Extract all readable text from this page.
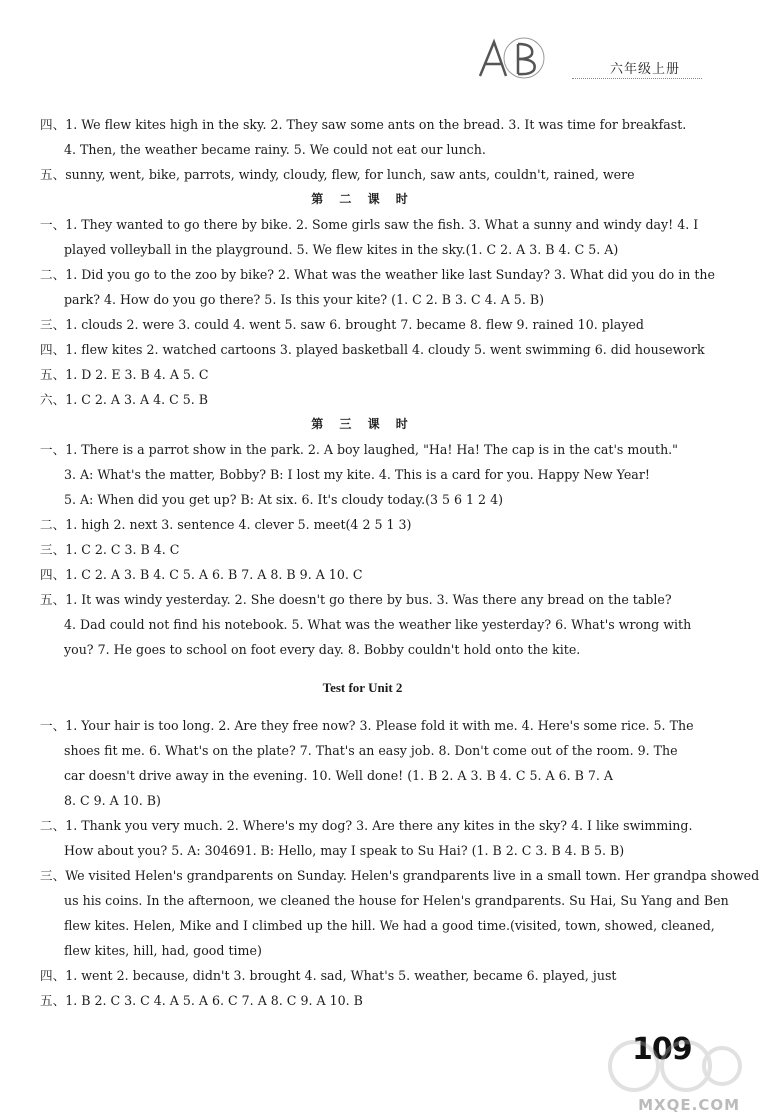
六年级上册
四、1. We flew kites high in the sky. 2. They saw some ants on the bread. 3. It was time for breakfast.
4. Then, the weather became rainy. 5. We could not eat our lunch.
五、sunny, went, bike, parrots, windy, cloudy, flew, for lunch, saw ants, couldn't, rained, were
第 二 课 时
一、1. They wanted to go there by bike. 2. Some girls saw the fish. 3. What a sunny and windy day! 4. I
played volleyball in the playground. 5. We flew kites in the sky.(1. C 2. A 3. B 4. C 5. A)
二、1. Did you go to the zoo by bike? 2. What was the weather like last Sunday? 3. What did you do in the
park? 4. How do you go there? 5. Is this your kite? (1. C 2. B 3. C 4. A 5. B)
三、1. clouds 2. were 3. could 4. went 5. saw 6. brought 7. became 8. flew 9. rained 10. played
四、1. flew kites 2. watched cartoons 3. played basketball 4. cloudy 5. went swimming 6. did housework
五、1. D 2. E 3. B 4. A 5. C
六、1. C 2. A 3. A 4. C 5. B
第 三 课 时
一、1. There is a parrot show in the park. 2. A boy laughed, "Ha! Ha! The cap is in the cat's mouth."
3. A: What's the matter, Bobby? B: I lost my kite. 4. This is a card for you. Happy New Year!
5. A: When did you get up? B: At six. 6. It's cloudy today.(3 5 6 1 2 4)
二、1. high 2. next 3. sentence 4. clever 5. meet(4 2 5 1 3)
三、1. C 2. C 3. B 4. C
四、1. C 2. A 3. B 4. C 5. A 6. B 7. A 8. B 9. A 10. C
五、1. It was windy yesterday. 2. She doesn't go there by bus. 3. Was there any bread on the table?
4. Dad could not find his notebook. 5. What was the weather like yesterday? 6. What's wrong with
you? 7. He goes to school on foot every day. 8. Bobby couldn't hold onto the kite.
Test for Unit 2
一、1. Your hair is too long. 2. Are they free now? 3. Please fold it with me. 4. Here's some rice. 5. The
shoes fit me. 6. What's on the plate? 7. That's an easy job. 8. Don't come out of the room. 9. The
car doesn't drive away in the evening. 10. Well done! (1. B 2. A 3. B 4. C 5. A 6. B 7. A
8. C 9. A 10. B)
二、1. Thank you very much. 2. Where's my dog? 3. Are there any kites in the sky? 4. I like swimming.
How about you? 5. A: 304691. B: Hello, may I speak to Su Hai? (1. B 2. C 3. B 4. B 5. B)
三、We visited Helen's grandparents on Sunday. Helen's grandparents live in a small town. Her grandpa showed
us his coins. In the afternoon, we cleaned the house for Helen's grandparents. Su Hai, Su Yang and Ben
flew kites. Helen, Mike and I climbed up the hill. We had a good time.(visited, town, showed, cleaned,
flew kites, hill, had, good time)
四、1. went 2. because, didn't 3. brought 4. sad, What's 5. weather, became 6. played, just
五、1. B 2. C 3. C 4. A 5. A 6. C 7. A 8. C 9. A 10. B
109
MXQE.COM
